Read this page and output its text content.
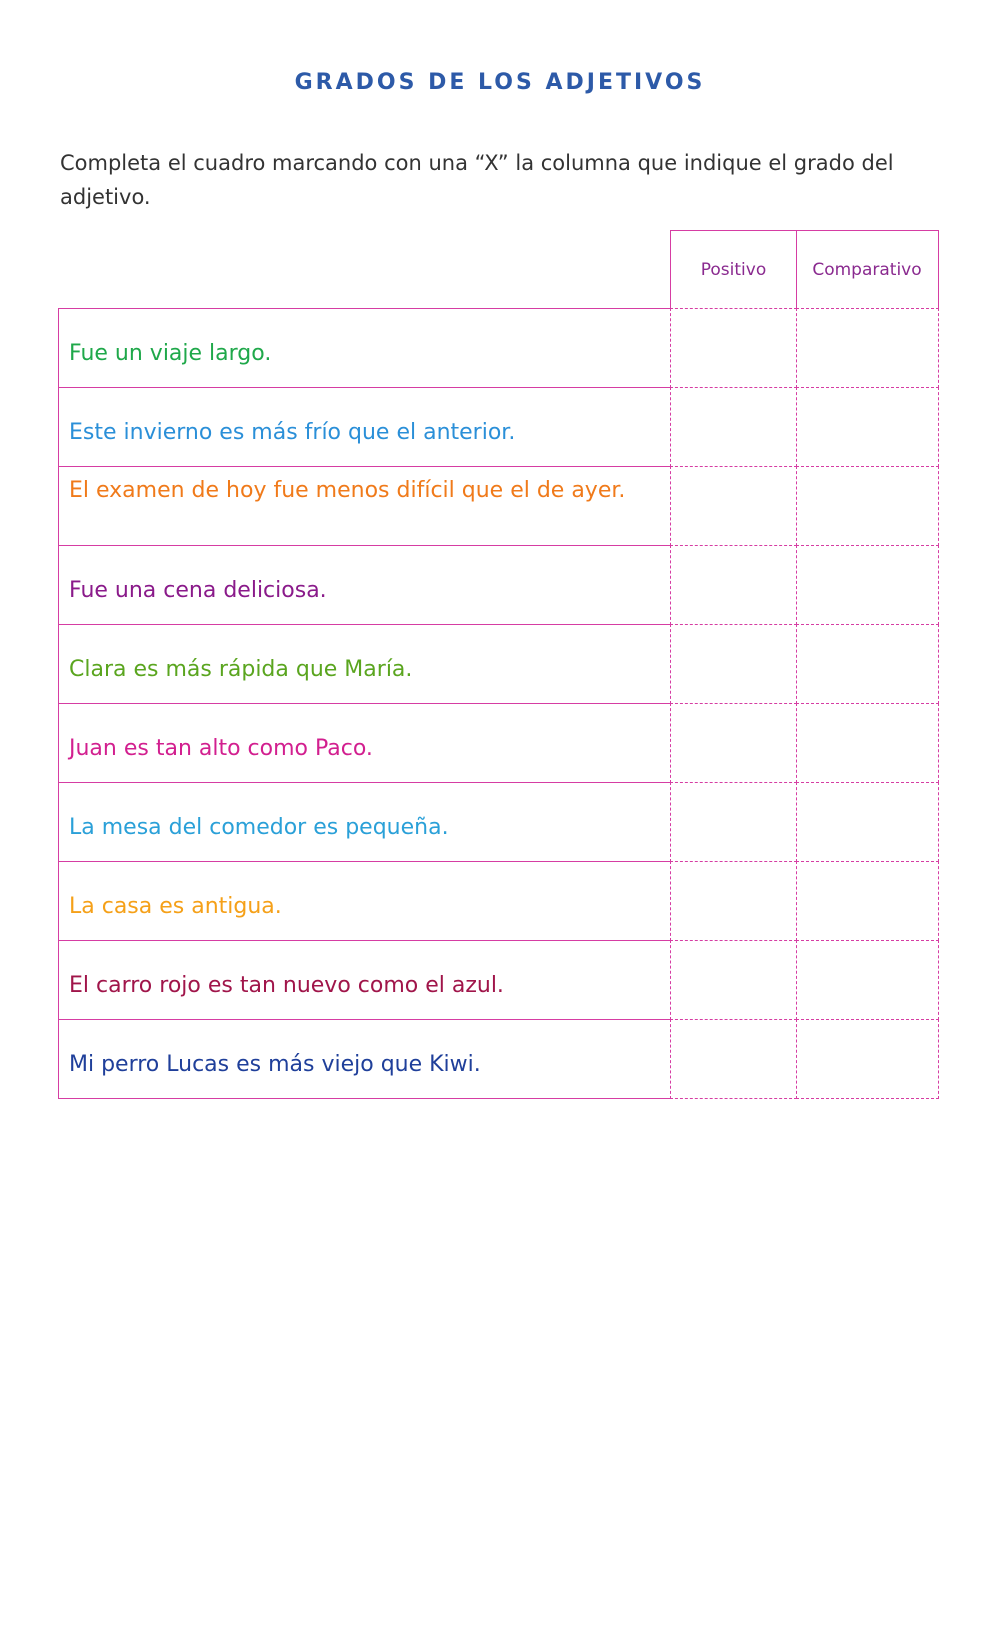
GRADOS DE LOS ADJETIVOS
Completa el cuadro marcando con una “X” la columna que indique el grado del adjetivo.
Positivo	Comparativo
Fue un viaje largo.
Este invierno es más frío que el anterior.
El examen de hoy fue menos difícil que el de ayer.
Fue una cena deliciosa.
Clara es más rápida que María.
Juan es tan alto como Paco.
La mesa del comedor es pequeña.
La casa es antigua.
El carro rojo es tan nuevo como el azul.
Mi perro Lucas es más viejo que Kiwi.
